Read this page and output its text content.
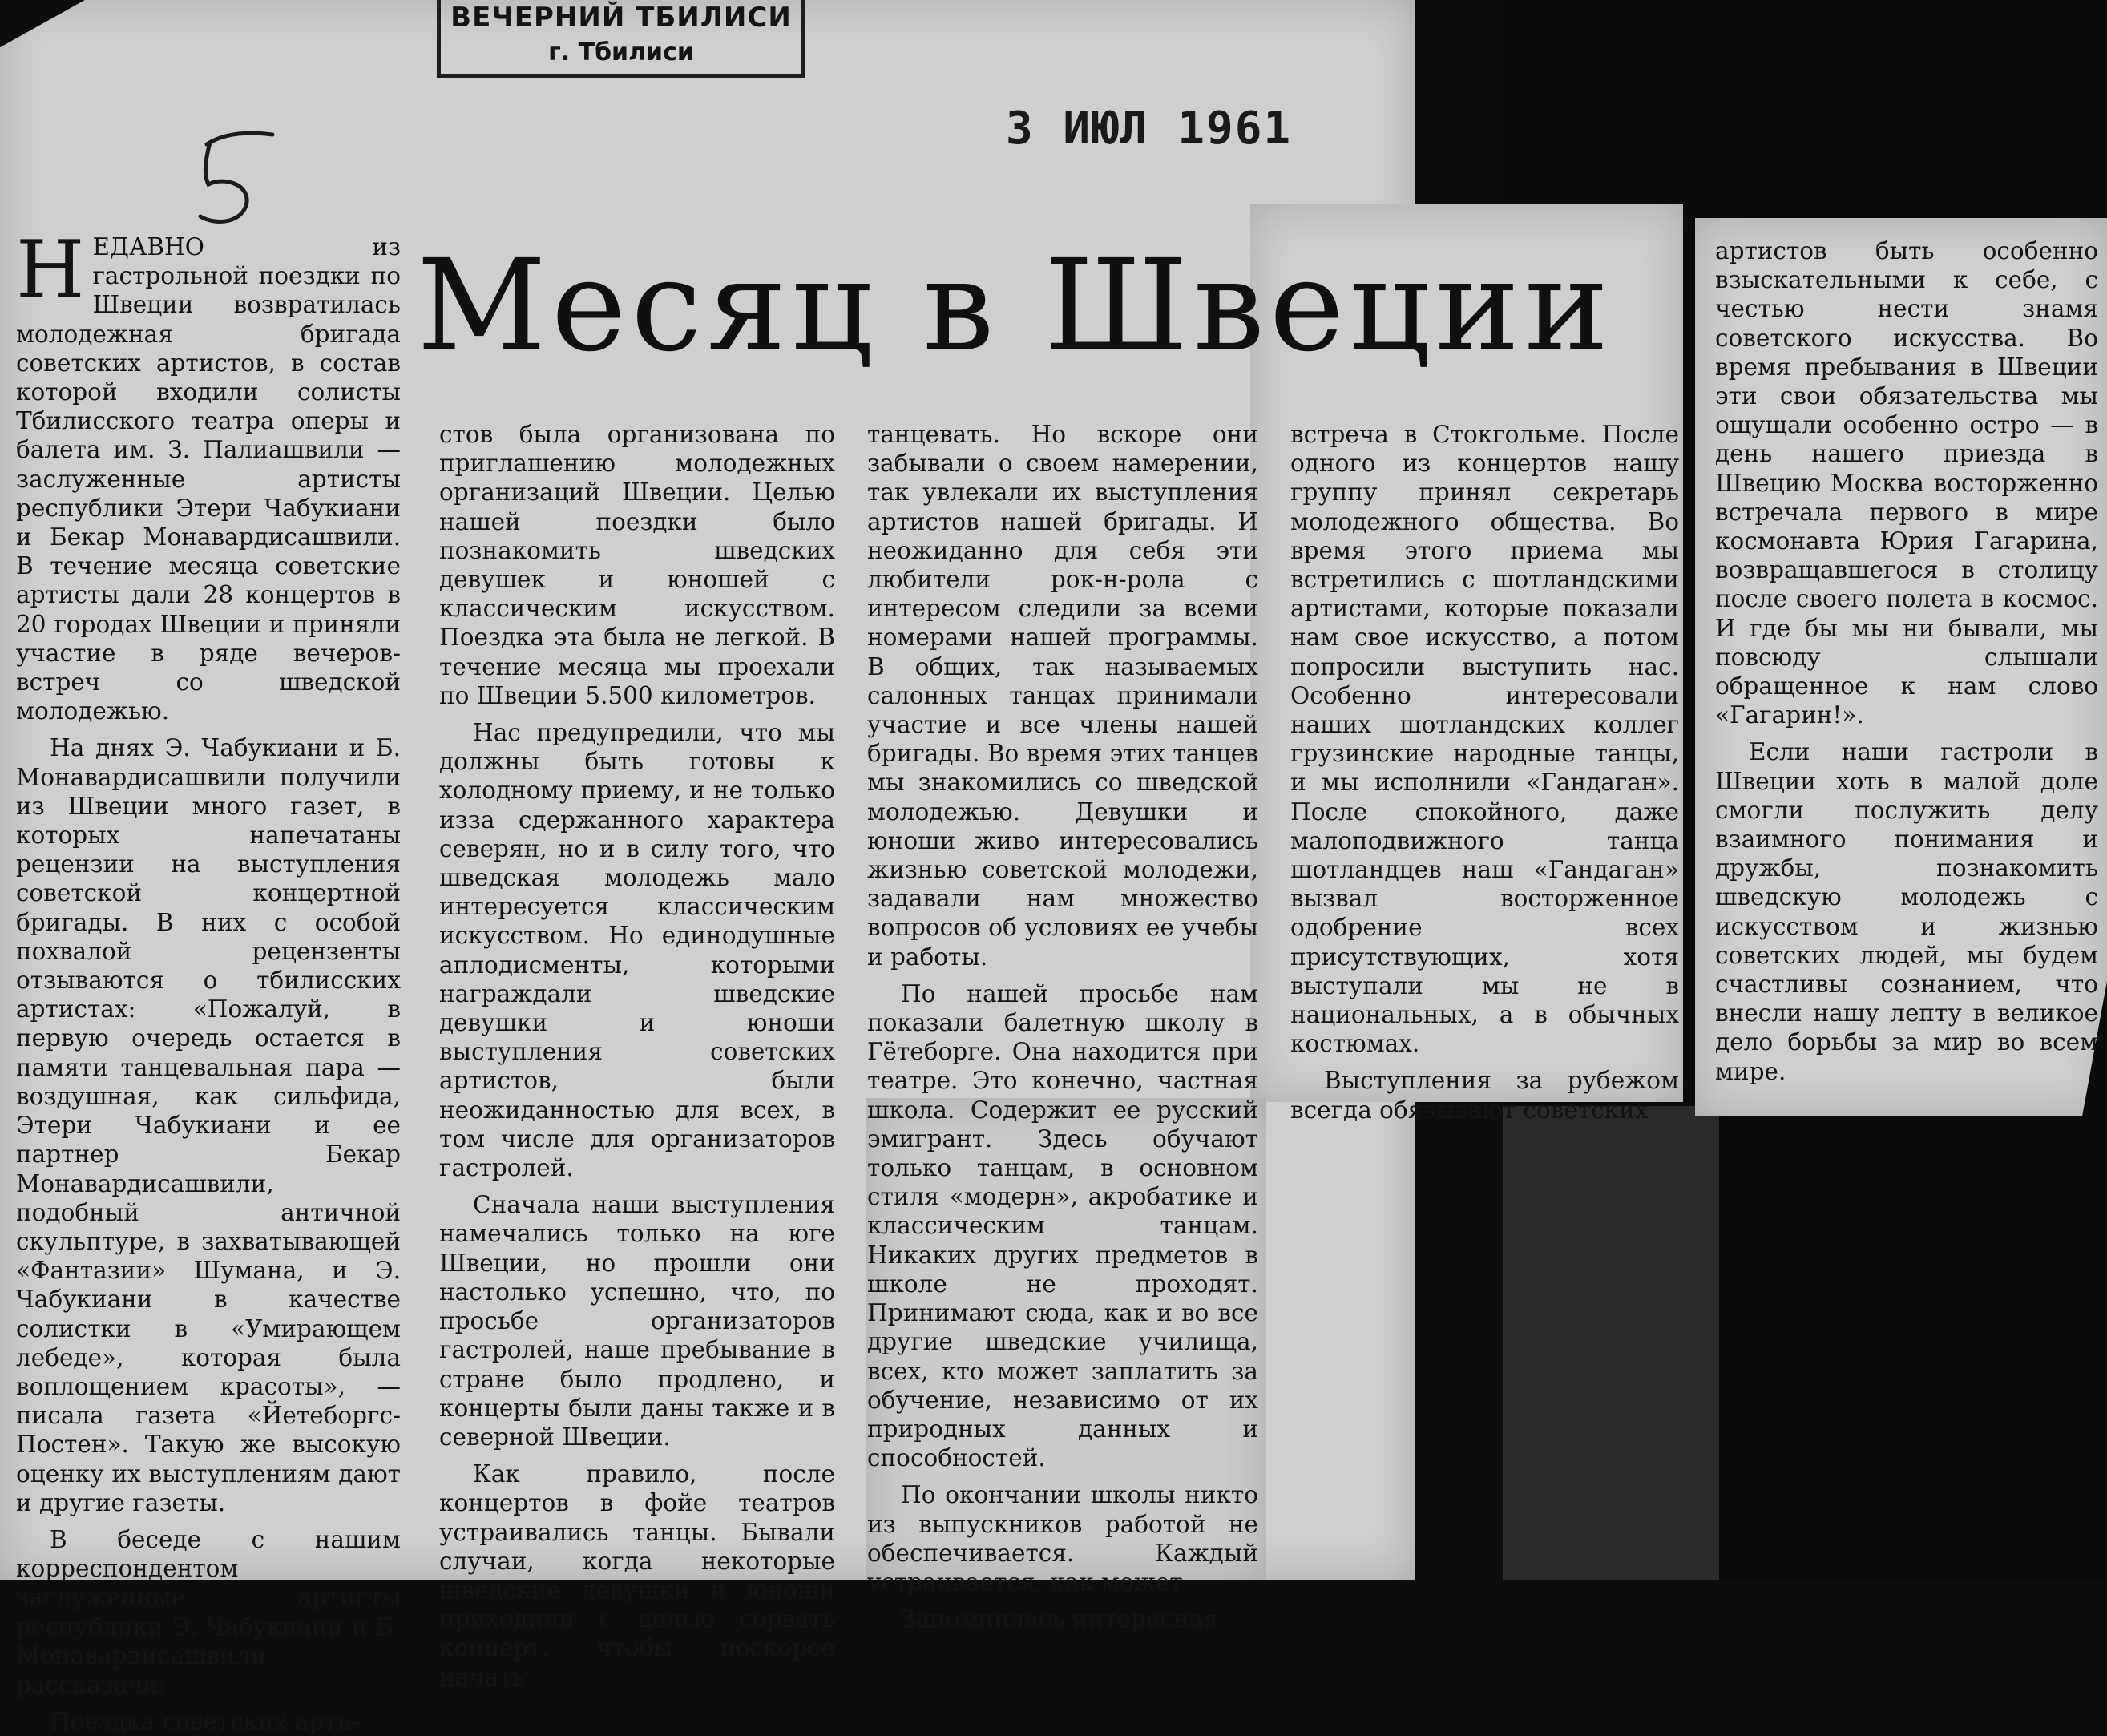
ВЕЧЕРНИЙ ТБИЛИСИ
г. Тбилиси
3 ИЮЛ 1961
Месяц в Швеции

НЕДАВНО из гастрольной поездки по Швеции возвратилась молодежная бригада советских артистов, в состав которой входили солисты Тбилисского театра оперы и балета им. З. Палиашвили — заслуженные артисты республики Этери Чабукиани и Бекар Монавардисашвили. В течение месяца советские артисты дали 28 концертов в 20 городах Швеции и приняли участие в ряде вечеров-встреч со шведской молодежью.

На днях Э. Чабукиани и Б. Монавардисашвили получили из Швеции много газет, в которых напечатаны рецензии на выступления советской концертной бригады. В них с особой похвалой рецензенты отзываются о тбилисских артистах: «Пожалуй, в первую очередь остается в памяти танцевальная пара — воздушная, как сильфида, Этери Чабукиани и ее партнер Бекар Монавардисашвили, подобный античной скульптуре, в захватывающей «Фантазии» Шумана, и Э. Чабукиани в качестве солистки в «Умирающем лебеде», которая была воплощением красоты», — писала газета «Йетеборгс-Постен». Такую же высокую оценку их выступлениям дают и другие газеты.

В беседе с нашим корреспондентом заслуженные артисты республики Э. Чабукиани и Б. Монавардисашвили рассказали:

Поездка советских арти-

стов была организована по приглашению молодежных организаций Швеции. Целью нашей поездки было познакомить шведских девушек и юношей с классическим искусством. Поездка эта была не легкой. В течение месяца мы проехали по Швеции 5.500 километров.

Нас предупредили, что мы должны быть готовы к холодному приему, и не только изза сдержанного характера северян, но и в силу того, что шведская молодежь мало интересуется классическим искусством. Но единодушные аплодисменты, которыми награждали шведские девушки и юноши выступления советских артистов, были неожиданностью для всех, в том числе для организаторов гастролей.

Сначала наши выступления намечались только на юге Швеции, но прошли они настолько успешно, что, по просьбе организаторов гастролей, наше пребывание в стране было продлено, и концерты были даны также и в северной Швеции.

Как правило, после концертов в фойе театров устраивались танцы. Бывали случаи, когда некоторые шведские девушки и юноши приходили с целью сорвать концерт, чтобы поскорее начать

танцевать. Но вскоре они забывали о своем намерении, так увлекали их выступления артистов нашей бригады. И неожиданно для себя эти любители рок-н-рола с интересом следили за всеми номерами нашей программы. В общих, так называемых салонных танцах принимали участие и все члены нашей бригады. Во время этих танцев мы знакомились со шведской молодежью. Девушки и юноши живо интересовались жизнью советской молодежи, задавали нам множество вопросов об условиях ее учебы и работы.

По нашей просьбе нам показали балетную школу в Гётеборге. Она находится при театре. Это конечно, частная школа. Содержит ее русский эмигрант. Здесь обучают только танцам, в основном стиля «модерн», акробатике и классическим танцам. Никаких других предметов в школе не проходят. Принимают сюда, как и во все другие шведские училища, всех, кто может заплатить за обучение, независимо от их природных данных и способностей.

По окончании школы никто из выпускников работой не обеспечивается. Каждый устраивается, как может.

Запомнилась интересная

встреча в Стокгольме. После одного из концертов нашу группу принял секретарь молодежного общества. Во время этого приема мы встретились с шотландскими артистами, которые показали нам свое искусство, а потом попросили выступить нас. Особенно интересовали наших шотландских коллег грузинские народные танцы, и мы исполнили «Гандаган». После спокойного, даже малоподвижного танца шотландцев наш «Гандаган» вызвал восторженное одобрение всех присутствующих, хотя выступали мы не в национальных, а в обычных костюмах.

Выступления за рубежом всегда обязывают советских

артистов быть особенно взыскательными к себе, с честью нести знамя советского искусства. Во время пребывания в Швеции эти свои обязательства мы ощущали особенно остро — в день нашего приезда в Швецию Москва восторженно встречала первого в мире космонавта Юрия Гагарина, возвращавшегося в столицу после своего полета в космос. И где бы мы ни бывали, мы повсюду слышали обращенное к нам слово «Гагарин!».

Если наши гастроли в Швеции хоть в малой доле смогли послужить делу взаимного понимания и дружбы, познакомить шведскую молодежь с искусством и жизнью советских людей, мы будем счастливы сознанием, что внесли нашу лепту в великое дело борьбы за мир во всем мире.
